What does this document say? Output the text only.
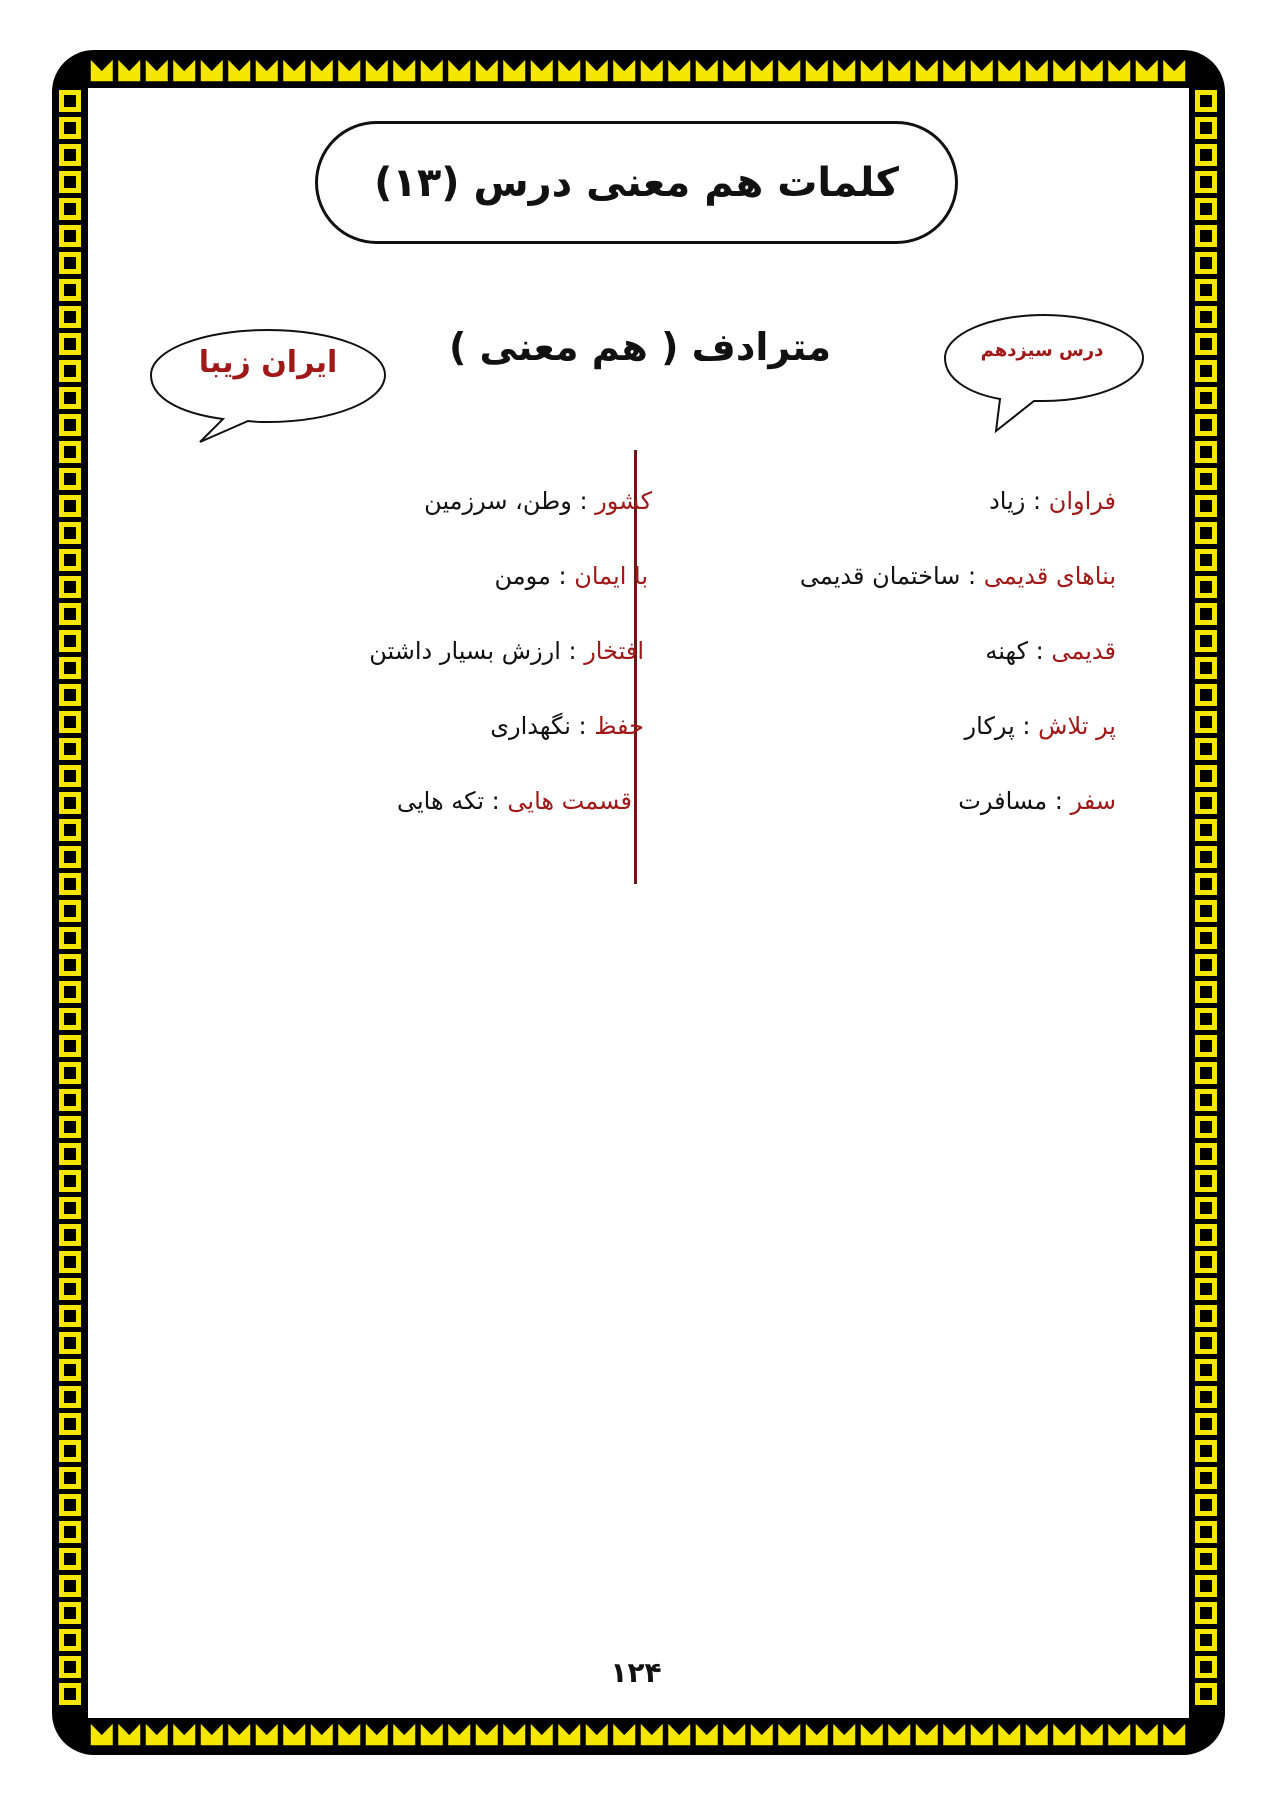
کلمات هم معنی درس (۱۳)
ایران زیبا	درس سیزدهم
مترادف ( هم معنی )
فراوان : زیاد
بناهای قدیمی : ساختمان قدیمی
قدیمی : کهنه
پر تلاش : پرکار
سفر : مسافرت
کشور : وطن، سرزمین
با ایمان : مومن
افتخار : ارزش بسیار داشتن
حفظ : نگهداری
قسمت هایی : تکه هایی
۱۲۴
